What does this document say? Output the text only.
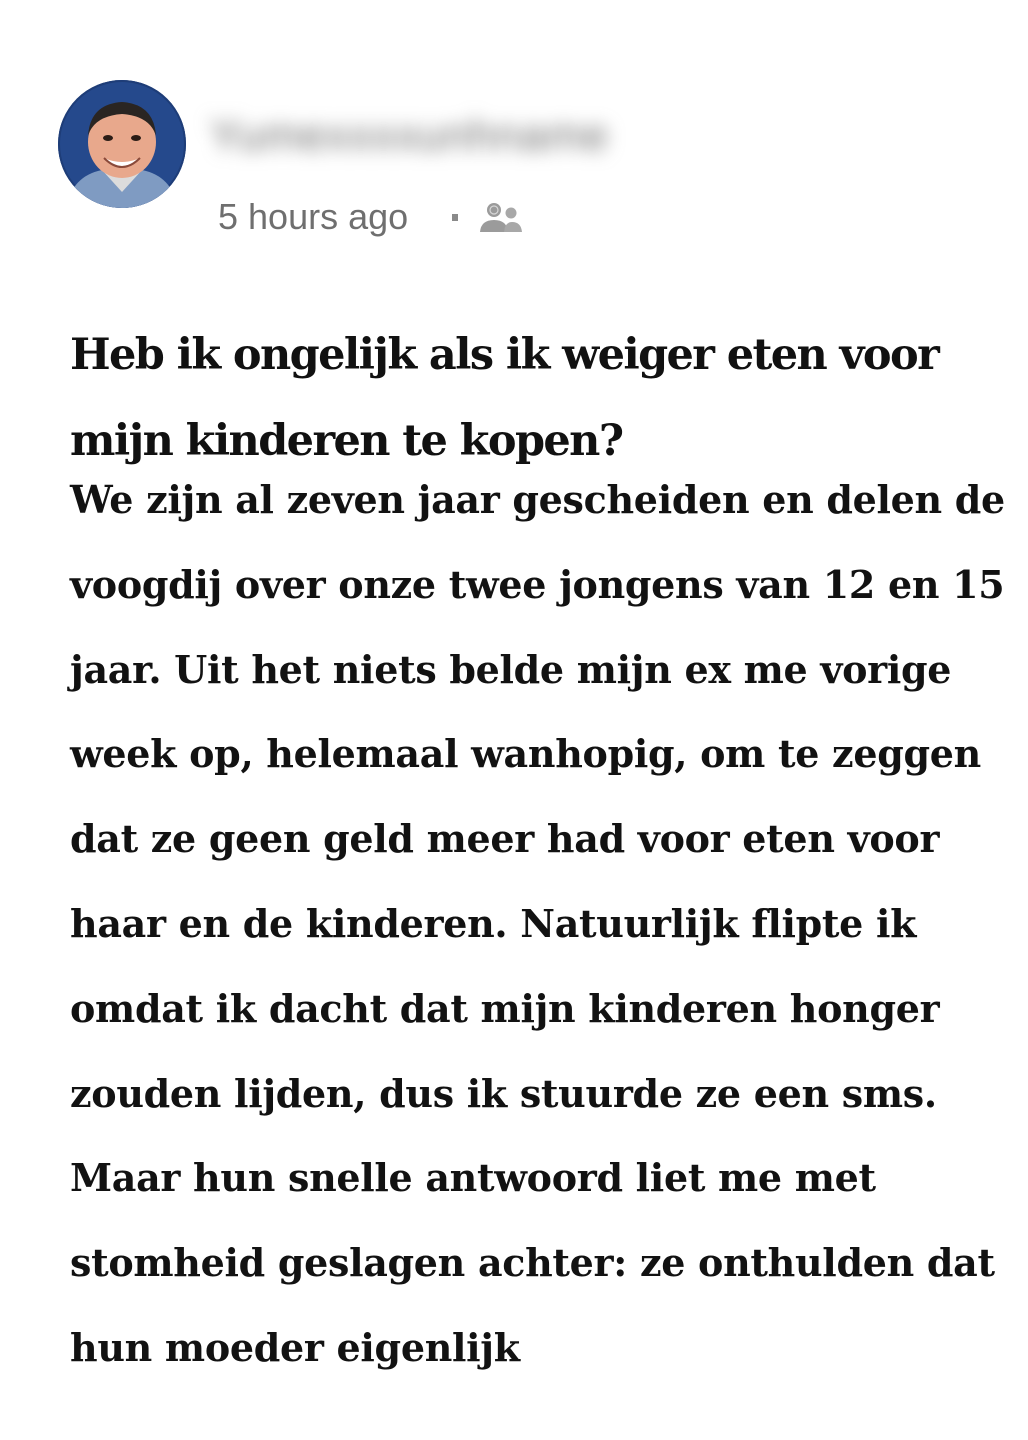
Yumexxxxunhname
5 hours ago
Heb ik ongelijk als ik weiger eten voor mijn kinderen te kopen?

We zijn al zeven jaar gescheiden en delen de voogdij over onze twee jongens van 12 en 15 jaar. Uit het niets belde mijn ex me vorige week op, helemaal wanhopig, om te zeggen dat ze geen geld meer had voor eten voor haar en de kinderen. Natuurlijk flipte ik omdat ik dacht dat mijn kinderen honger zouden lijden, dus ik stuurde ze een sms. Maar hun snelle antwoord liet me met stomheid geslagen achter: ze onthulden dat hun moeder eigenlijk
